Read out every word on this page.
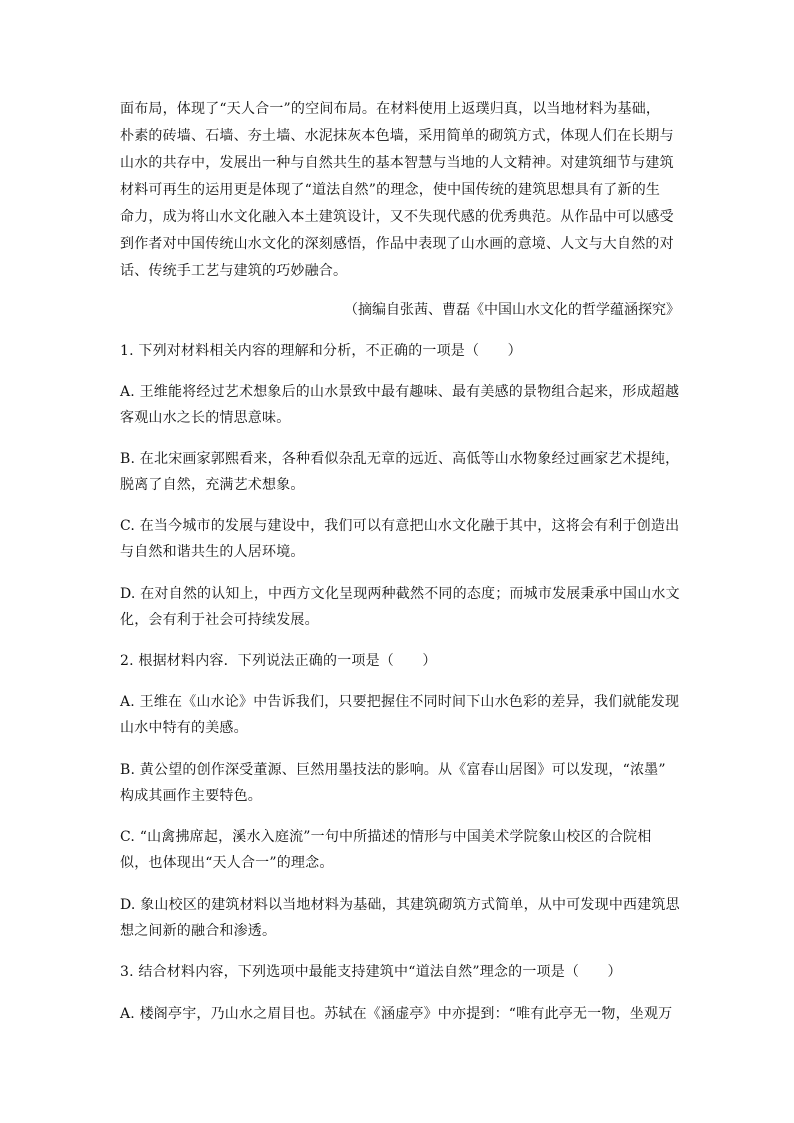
面布局，体现了“天人合一”的空间布局。在材料使用上返璞归真，以当地材料为基础，
朴素的砖墙、石墙、夯土墙、水泥抹灰本色墙，采用简单的砌筑方式，体现人们在长期与
山水的共存中，发展出一种与自然共生的基本智慧与当地的人文精神。对建筑细节与建筑
材料可再生的运用更是体现了“道法自然”的理念，使中国传统的建筑思想具有了新的生
命力，成为将山水文化融入本土建筑设计，又不失现代感的优秀典范。从作品中可以感受
到作者对中国传统山水文化的深刻感悟，作品中表现了山水画的意境、人文与大自然的对
话、传统手工艺与建筑的巧妙融合。
（摘编自张茜、曹磊《中国山水文化的哲学蕴涵探究》
1. 下列对材料相关内容的理解和分析，不正确的一项是（　　）
A. 王维能将经过艺术想象后的山水景致中最有趣味、最有美感的景物组合起来，形成超越
客观山水之长的情思意味。
B. 在北宋画家郭熙看来，各种看似杂乱无章的远近、高低等山水物象经过画家艺术提纯，
脱离了自然，充满艺术想象。
C. 在当今城市的发展与建设中，我们可以有意把山水文化融于其中，这将会有利于创造出
与自然和谐共生的人居环境。
D. 在对自然的认知上，中西方文化呈现两种截然不同的态度；而城市发展秉承中国山水文
化，会有利于社会可持续发展。
2. 根据材料内容．下列说法正确的一项是（　　）
A. 王维在《山水论》中告诉我们，只要把握住不同时间下山水色彩的差异，我们就能发现
山水中特有的美感。
B. 黄公望的创作深受董源、巨然用墨技法的影响。从《富春山居图》可以发现，“浓墨”
构成其画作主要特色。
C. “山禽拂席起，溪水入庭流”一句中所描述的情形与中国美术学院象山校区的合院相
似，也体现出“天人合一”的理念。
D. 象山校区的建筑材料以当地材料为基础，其建筑砌筑方式简单，从中可发现中西建筑思
想之间新的融合和渗透。
3. 结合材料内容，下列选项中最能支持建筑中“道法自然”理念的一项是（　　）
A. 楼阁亭宇，乃山水之眉目也。苏轼在《涵虚亭》中亦提到：“唯有此亭无一物，坐观万
